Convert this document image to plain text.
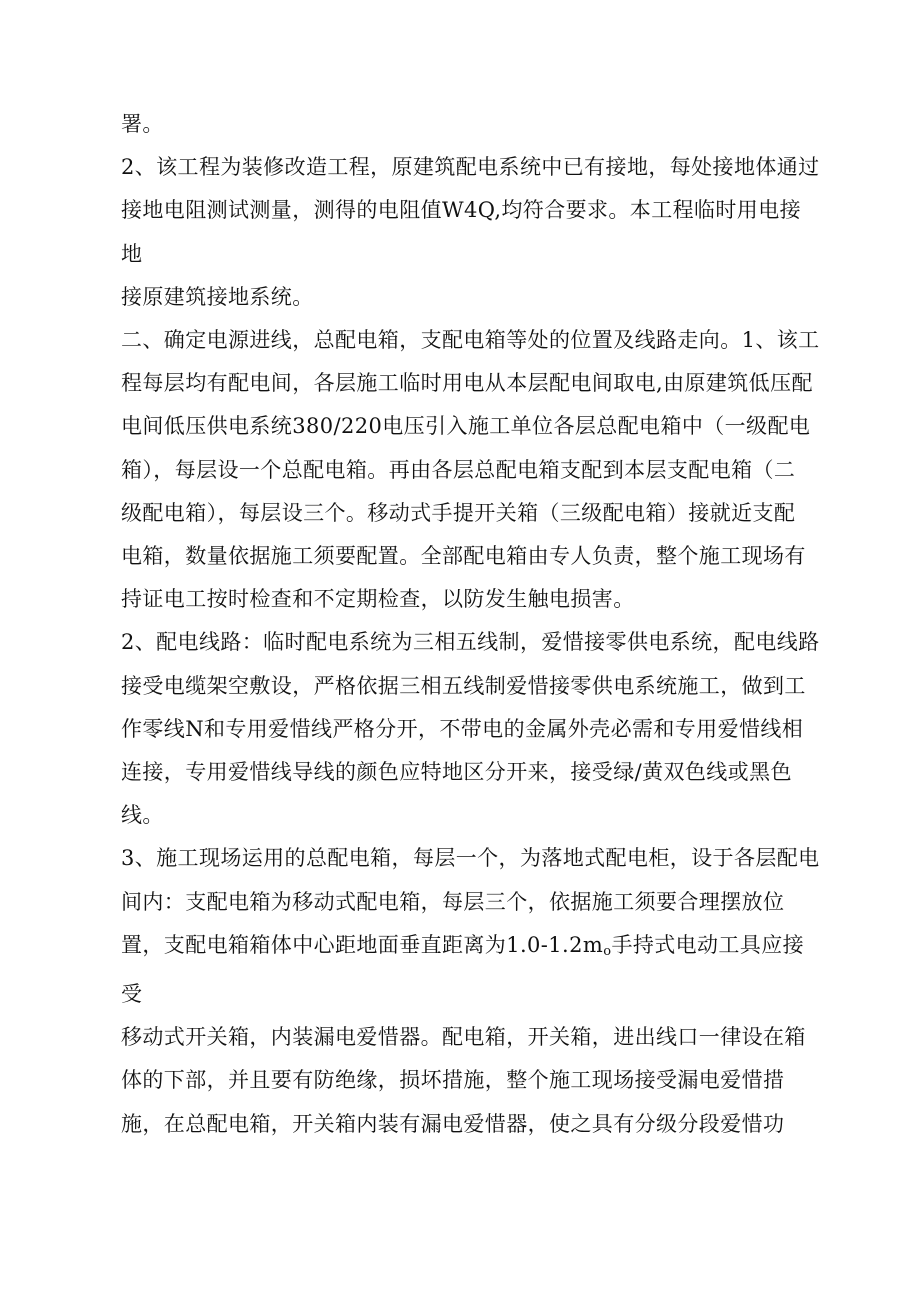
署。

2、该工程为装修改造工程，原建筑配电系统中已有接地，每处接地体通过
接地电阻测试测量，测得的电阻值W4Q,均符合要求。本工程临时用电接地
接原建筑接地系统。

二、确定电源进线，总配电箱，支配电箱等处的位置及线路走向。1、该工
程每层均有配电间，各层施工临时用电从本层配电间取电,由原建筑低压配
电间低压供电系统380/220电压引入施工单位各层总配电箱中（一级配电
箱），每层设一个总配电箱。再由各层总配电箱支配到本层支配电箱（二
级配电箱），每层设三个。移动式手提开关箱（三级配电箱）接就近支配
电箱，数量依据施工须要配置。全部配电箱由专人负责，整个施工现场有
持证电工按时检查和不定期检查，以防发生触电损害。

2、配电线路：临时配电系统为三相五线制，爱惜接零供电系统，配电线路
接受电缆架空敷设，严格依据三相五线制爱惜接零供电系统施工，做到工
作零线N和专用爱惜线严格分开，不带电的金属外壳必需和专用爱惜线相
连接，专用爱惜线导线的颜色应特地区分开来，接受绿/黄双色线或黑色
线。

3、施工现场运用的总配电箱，每层一个，为落地式配电柜，设于各层配电
间内：支配电箱为移动式配电箱，每层三个，依据施工须要合理摆放位
置，支配电箱箱体中心距地面垂直距离为1.0-1.2mo手持式电动工具应接受
移动式开关箱，内装漏电爱惜器。配电箱，开关箱，进出线口一律设在箱
体的下部，并且要有防绝缘，损坏措施，整个施工现场接受漏电爱惜措
施，在总配电箱，开关箱内装有漏电爱惜器，使之具有分级分段爱惜功
